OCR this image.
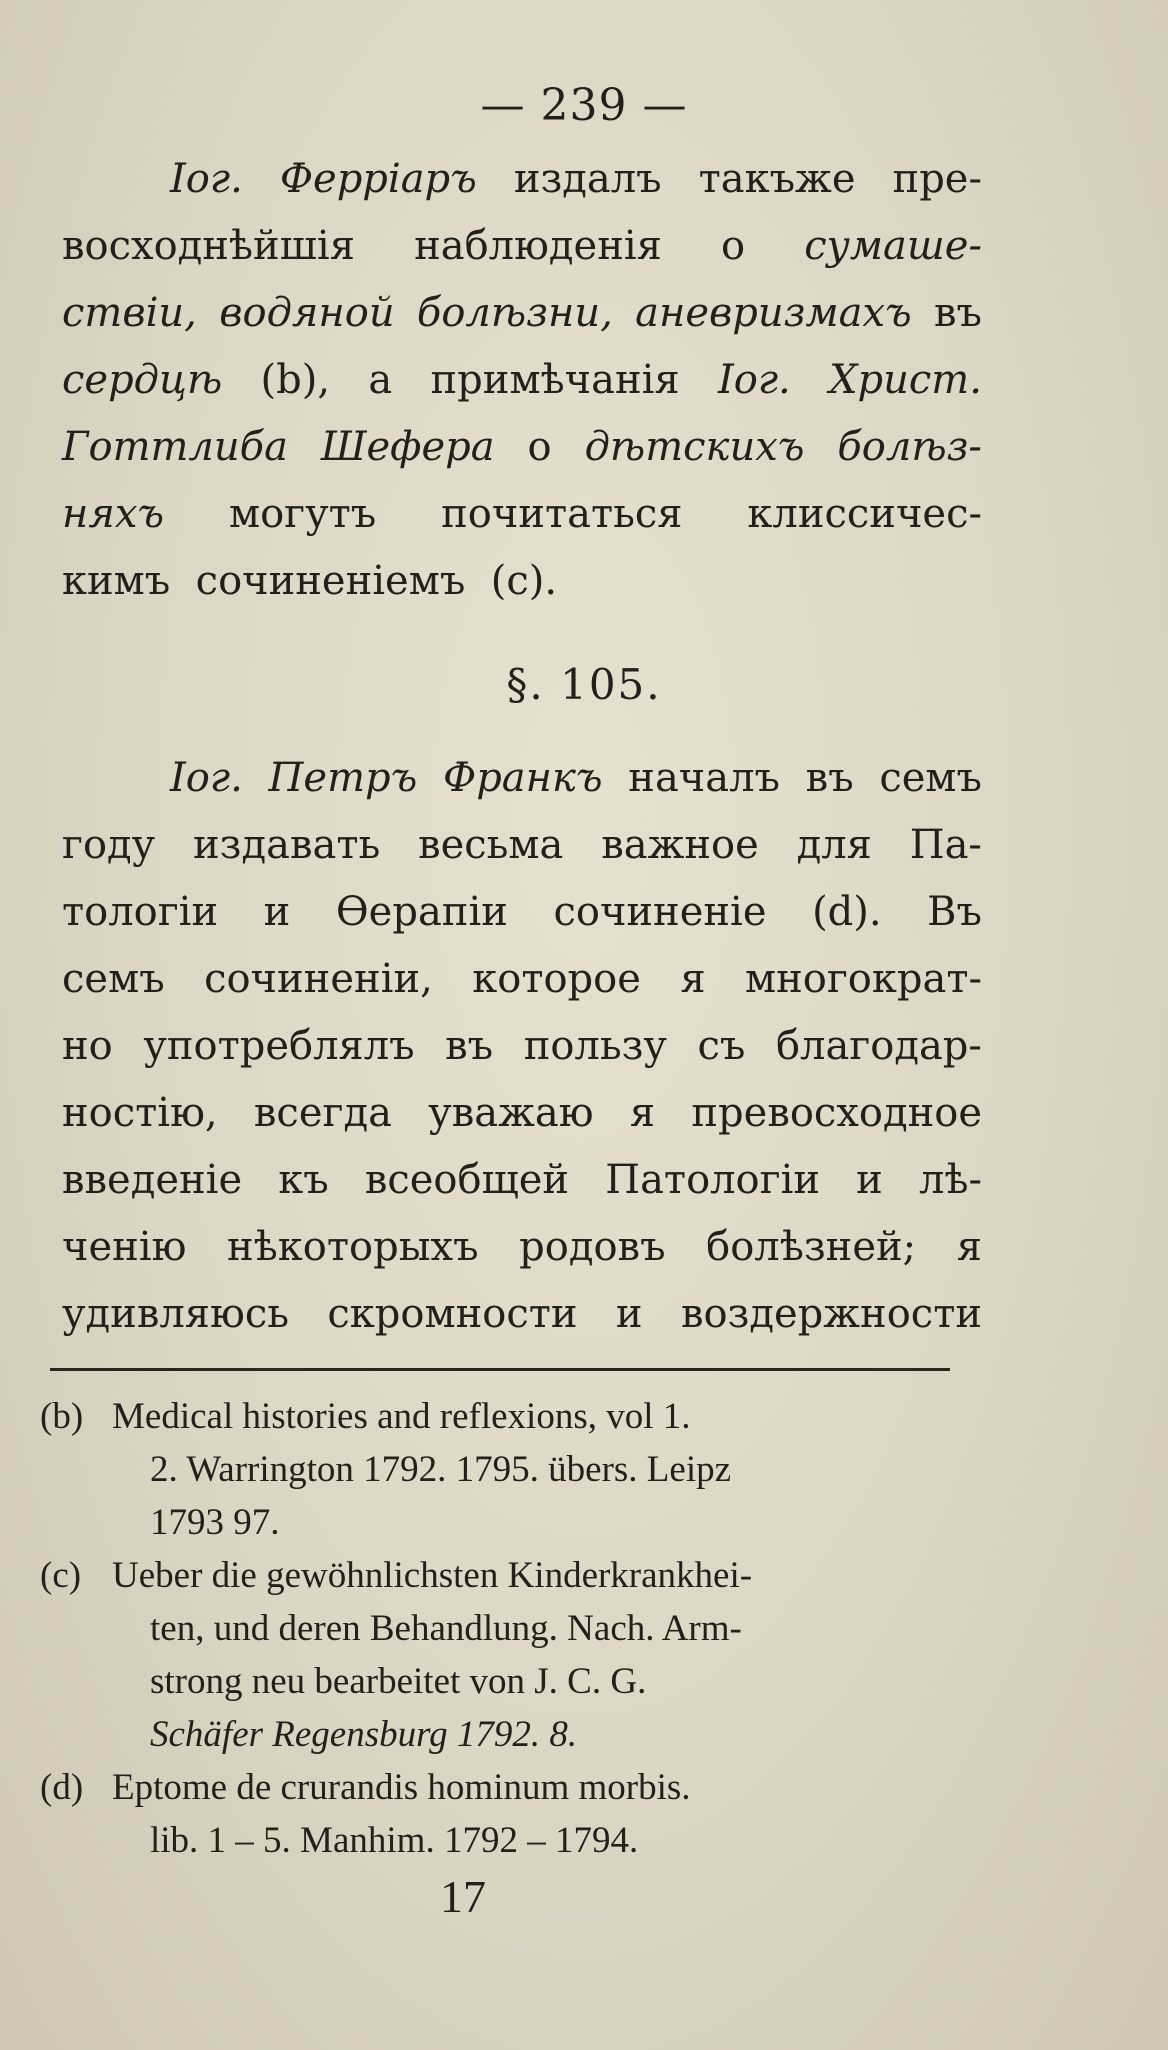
— 239 —
Іог. Феррiаръ издалъ такъже пре-
восходнѣйшiя наблюденiя о сумаше-
ствiи, водяной болѣзни, аневризмахъ въ
сердцѣ (b), а примѣчанiя Іог. Христ.
Готтлиба Шефера о дѣтскихъ болѣз-
няхъ могутъ почитаться клиссичес-
кимъ
сочиненiемъ
(c).
§. 105.
Іог. Петръ Франкъ началъ въ семъ
году издавать весьма важное для Па-
тологiи и Ѳерапiи сочиненiе (d). Въ
семъ сочиненiи, которое я многократ-
но употреблялъ въ пользу съ благодар-
ностiю, всегда уважаю я превосходное
введенiе къ всеобщей Патологiи и лѣ-
ченiю нѣкоторыхъ родовъ болѣзней; я
удивляюсь скромности и воздержности
(b) Medical histories and reflexions, vol 1.
2. Warrington 1792. 1795. übers. Leipz
1793 97.
(c) Ueber die gewöhnlichsten Kinderkrankhei-
ten, und deren Behandlung. Nach. Arm-
strong neu bearbeitet von J. C. G.
Schäfer Regensburg 1792. 8.
(d) Eptome de crurandis hominum morbis.
lib. 1 – 5. Manhim. 1792 – 1794.
17
